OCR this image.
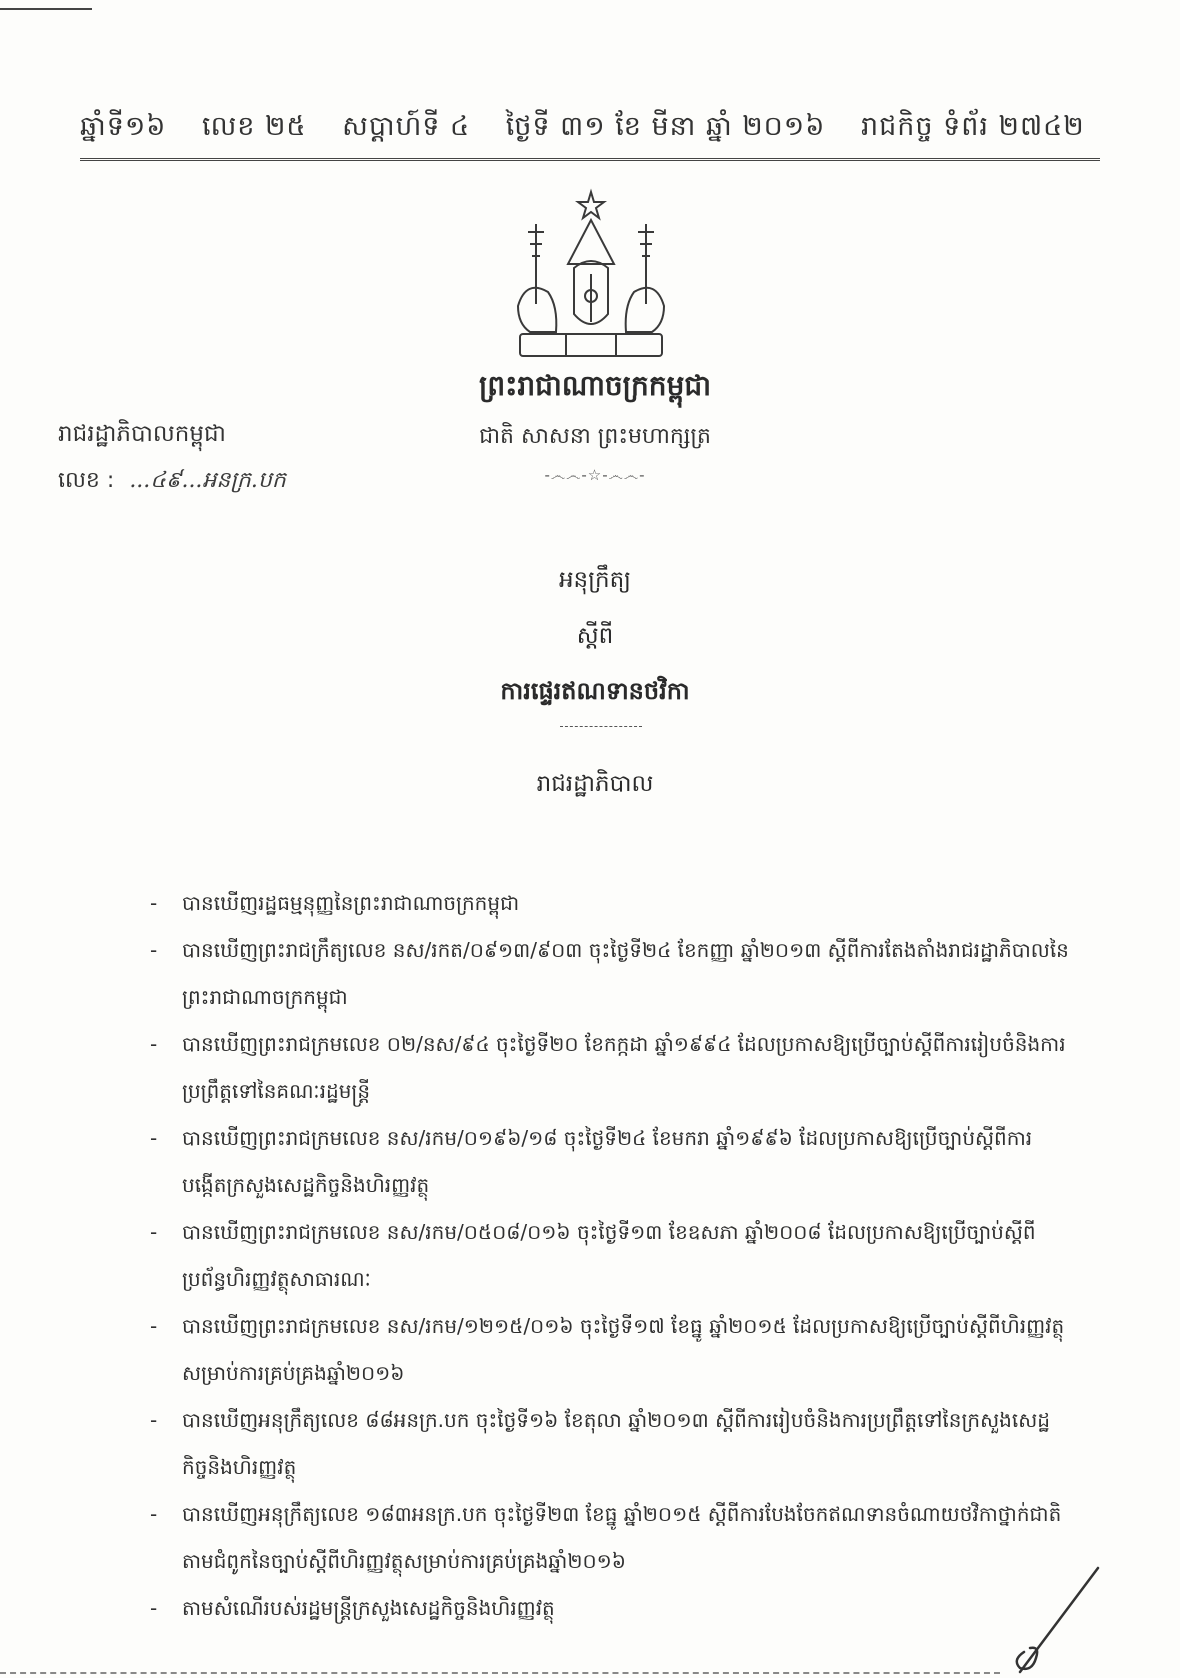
ឆ្នាំទី១៦ លេខ ២៥ សប្តាហ៍ទី ៤ ថ្ងៃទី ៣១ ខែ មីនា ឆ្នាំ ២០១៦ រាជកិច្ច ទំព័រ ២៧៤២
ព្រះរាជាណាចក្រកម្ពុជា
ជាតិ សាសនា ព្រះមហាក្សត្រ
-෴෴-☆-෴෴-
រាជរដ្ឋាភិបាលកម្ពុជា
លេខ : ...៤៩...អនក្រ.បក
អនុក្រឹត្យ
ស្តីពី
ការផ្ទេរឥណទានថវិកា
រាជរដ្ឋាភិបាល
- បានឃើញរដ្ឋធម្មនុញ្ញនៃព្រះរាជាណាចក្រកម្ពុជា
- បានឃើញព្រះរាជក្រឹត្យលេខ នស/រកត/០៩១៣/៩០៣ ចុះថ្ងៃទី២៤ ខែកញ្ញា ឆ្នាំ២០១៣ ស្តីពីការតែងតាំងរាជរដ្ឋាភិបាលនៃព្រះរាជាណាចក្រកម្ពុជា
- បានឃើញព្រះរាជក្រមលេខ ០២/នស/៩៤ ចុះថ្ងៃទី២០ ខែកក្កដា ឆ្នាំ១៩៩៤ ដែលប្រកាសឱ្យប្រើច្បាប់ស្តីពីការរៀបចំនិងការប្រព្រឹត្តទៅនៃគណៈរដ្ឋមន្ត្រី
- បានឃើញព្រះរាជក្រមលេខ នស/រកម/០១៩៦/១៨ ចុះថ្ងៃទី២៤ ខែមករា ឆ្នាំ១៩៩៦ ដែលប្រកាសឱ្យប្រើច្បាប់ស្តីពីការបង្កើតក្រសួងសេដ្ឋកិច្ចនិងហិរញ្ញវត្ថុ
- បានឃើញព្រះរាជក្រមលេខ នស/រកម/០៥០៨/០១៦ ចុះថ្ងៃទី១៣ ខែឧសភា ឆ្នាំ២០០៨ ដែលប្រកាសឱ្យប្រើច្បាប់ស្តីពីប្រព័ន្ធហិរញ្ញវត្ថុសាធារណៈ
- បានឃើញព្រះរាជក្រមលេខ នស/រកម/១២១៥/០១៦ ចុះថ្ងៃទី១៧ ខែធ្នូ ឆ្នាំ២០១៥ ដែលប្រកាសឱ្យប្រើច្បាប់ស្តីពីហិរញ្ញវត្ថុសម្រាប់ការគ្រប់គ្រងឆ្នាំ២០១៦
- បានឃើញអនុក្រឹត្យលេខ ៨៨អនក្រ.បក ចុះថ្ងៃទី១៦ ខែតុលា ឆ្នាំ២០១៣ ស្តីពីការរៀបចំនិងការប្រព្រឹត្តទៅនៃក្រសួងសេដ្ឋកិច្ចនិងហិរញ្ញវត្ថុ
- បានឃើញអនុក្រឹត្យលេខ ១៨៣អនក្រ.បក ចុះថ្ងៃទី២៣ ខែធ្នូ ឆ្នាំ២០១៥ ស្តីពីការបែងចែកឥណទានចំណាយថវិកាថ្នាក់ជាតិតាមជំពូកនៃច្បាប់ស្តីពីហិរញ្ញវត្ថុសម្រាប់ការគ្រប់គ្រងឆ្នាំ២០១៦
- តាមសំណើរបស់រដ្ឋមន្ត្រីក្រសួងសេដ្ឋកិច្ចនិងហិរញ្ញវត្ថុ
